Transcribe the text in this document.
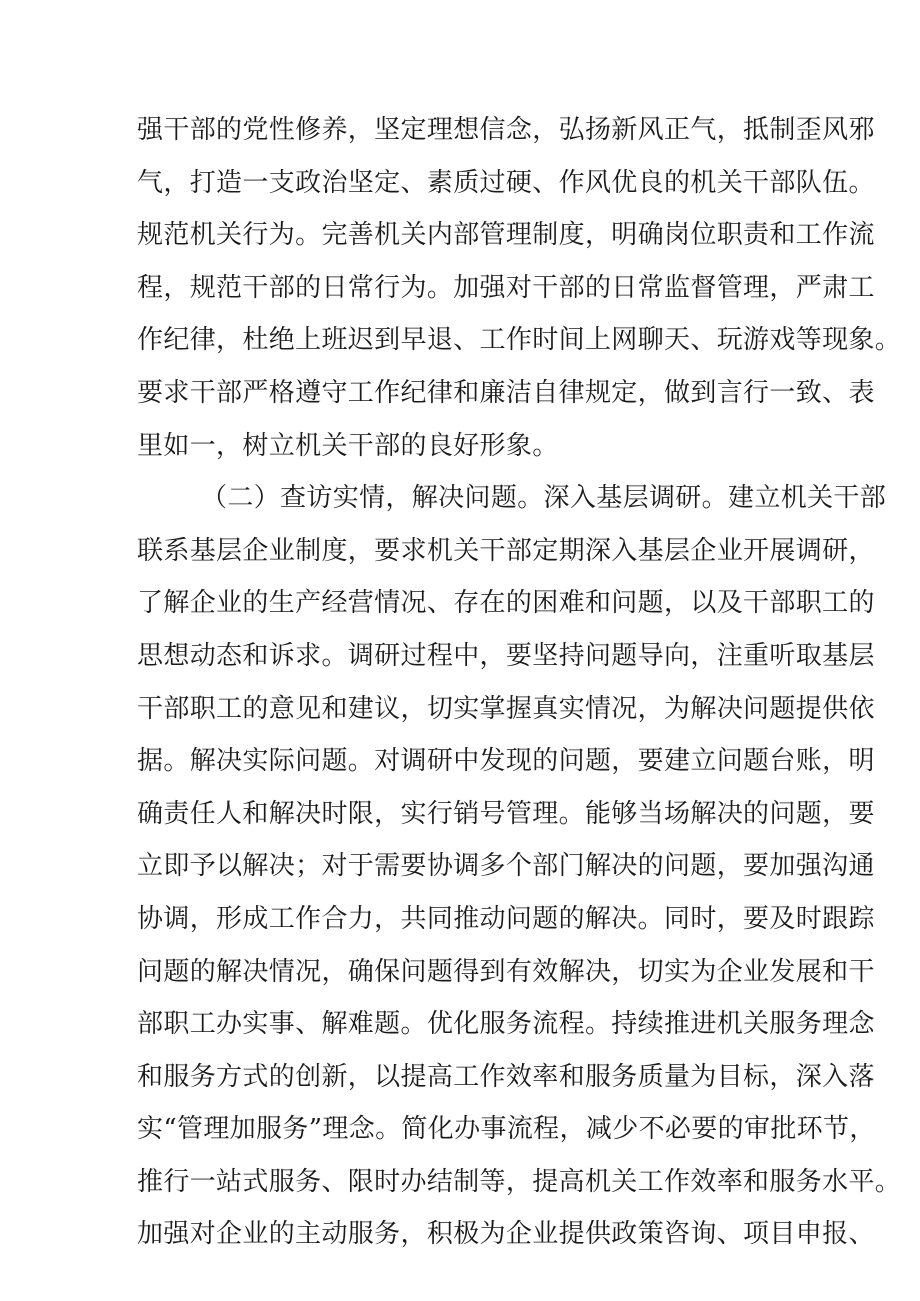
强干部的党性修养，坚定理想信念，弘扬新风正气，抵制歪风邪
气，打造一支政治坚定、素质过硬、作风优良的机关干部队伍。
规范机关行为。完善机关内部管理制度，明确岗位职责和工作流
程，规范干部的日常行为。加强对干部的日常监督管理，严肃工
作纪律，杜绝上班迟到早退、工作时间上网聊天、玩游戏等现象。
要求干部严格遵守工作纪律和廉洁自律规定，做到言行一致、表
里如一，树立机关干部的良好形象。
（二）查访实情，解决问题。深入基层调研。建立机关干部
联系基层企业制度，要求机关干部定期深入基层企业开展调研，
了解企业的生产经营情况、存在的困难和问题，以及干部职工的
思想动态和诉求。调研过程中，要坚持问题导向，注重听取基层
干部职工的意见和建议，切实掌握真实情况，为解决问题提供依
据。解决实际问题。对调研中发现的问题，要建立问题台账，明
确责任人和解决时限，实行销号管理。能够当场解决的问题，要
立即予以解决；对于需要协调多个部门解决的问题，要加强沟通
协调，形成工作合力，共同推动问题的解决。同时，要及时跟踪
问题的解决情况，确保问题得到有效解决，切实为企业发展和干
部职工办实事、解难题。优化服务流程。持续推进机关服务理念
和服务方式的创新，以提高工作效率和服务质量为目标，深入落
实“管理加服务”理念。简化办事流程，减少不必要的审批环节，
推行一站式服务、限时办结制等，提高机关工作效率和服务水平。
加强对企业的主动服务，积极为企业提供政策咨询、项目申报、
